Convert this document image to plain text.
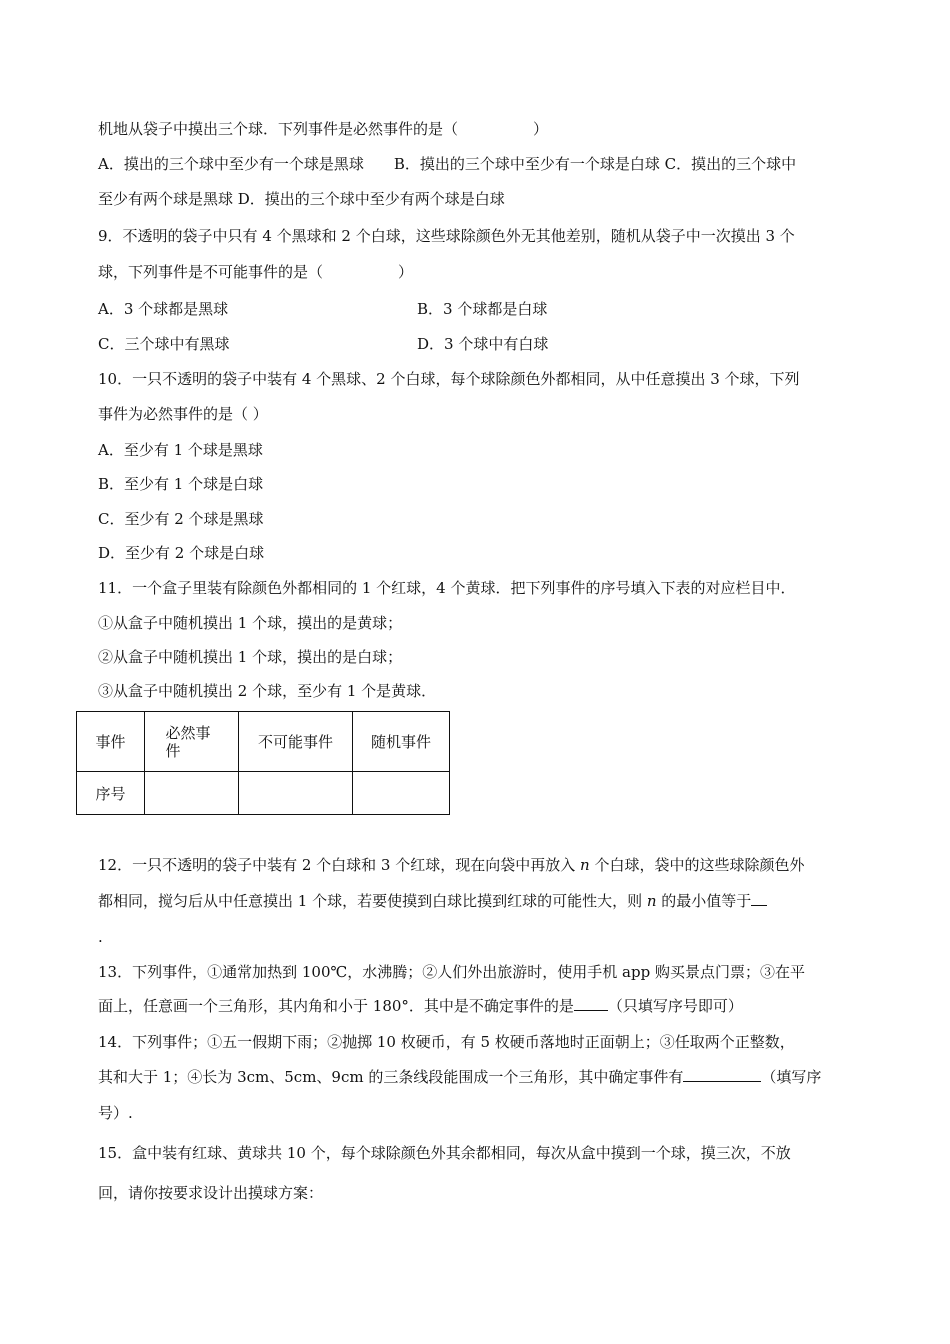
机地从袋子中摸出三个球．下列事件是必然事件的是（　　　　　）
A．摸出的三个球中至少有一个球是黑球　　B．摸出的三个球中至少有一个球是白球 C．摸出的三个球中
至少有两个球是黑球 D．摸出的三个球中至少有两个球是白球
9．不透明的袋子中只有 4 个黑球和 2 个白球，这些球除颜色外无其他差别，随机从袋子中一次摸出 3 个
球，下列事件是不可能事件的是（　　　　　）
A．3 个球都是黑球	B．3 个球都是白球
C．三个球中有黑球	D．3 个球中有白球
10．一只不透明的袋子中装有 4 个黑球、2 个白球，每个球除颜色外都相同，从中任意摸出 3 个球，下列
事件为必然事件的是（ ）
A．至少有 1 个球是黑球
B．至少有 1 个球是白球
C．至少有 2 个球是黑球
D．至少有 2 个球是白球
11．一个盒子里装有除颜色外都相同的 1 个红球，4 个黄球．把下列事件的序号填入下表的对应栏目中．
①从盒子中随机摸出 1 个球，摸出的是黄球；
②从盒子中随机摸出 1 个球，摸出的是白球；
③从盒子中随机摸出 2 个球，至少有 1 个是黄球．
事件	必然事件	不可能事件	随机事件
序号			
12．一只不透明的袋子中装有 2 个白球和 3 个红球，现在向袋中再放入 n 个白球，袋中的这些球除颜色外
都相同，搅匀后从中任意摸出 1 个球，若要使摸到白球比摸到红球的可能性大，则 n 的最小值等于
.
13．下列事件，①通常加热到 100℃，水沸腾；②人们外出旅游时，使用手机 app 购买景点门票；③在平
面上，任意画一个三角形，其内角和小于 180°．其中是不确定事件的是 （只填写序号即可）
14．下列事件；①五一假期下雨；②抛掷 10 枚硬币，有 5 枚硬币落地时正面朝上；③任取两个正整数，
其和大于 1；④长为 3cm、5cm、9cm 的三条线段能围成一个三角形，其中确定事件有	（填写序
号）.
15．盒中装有红球、黄球共 10 个，每个球除颜色外其余都相同，每次从盒中摸到一个球，摸三次，不放
回，请你按要求设计出摸球方案：
